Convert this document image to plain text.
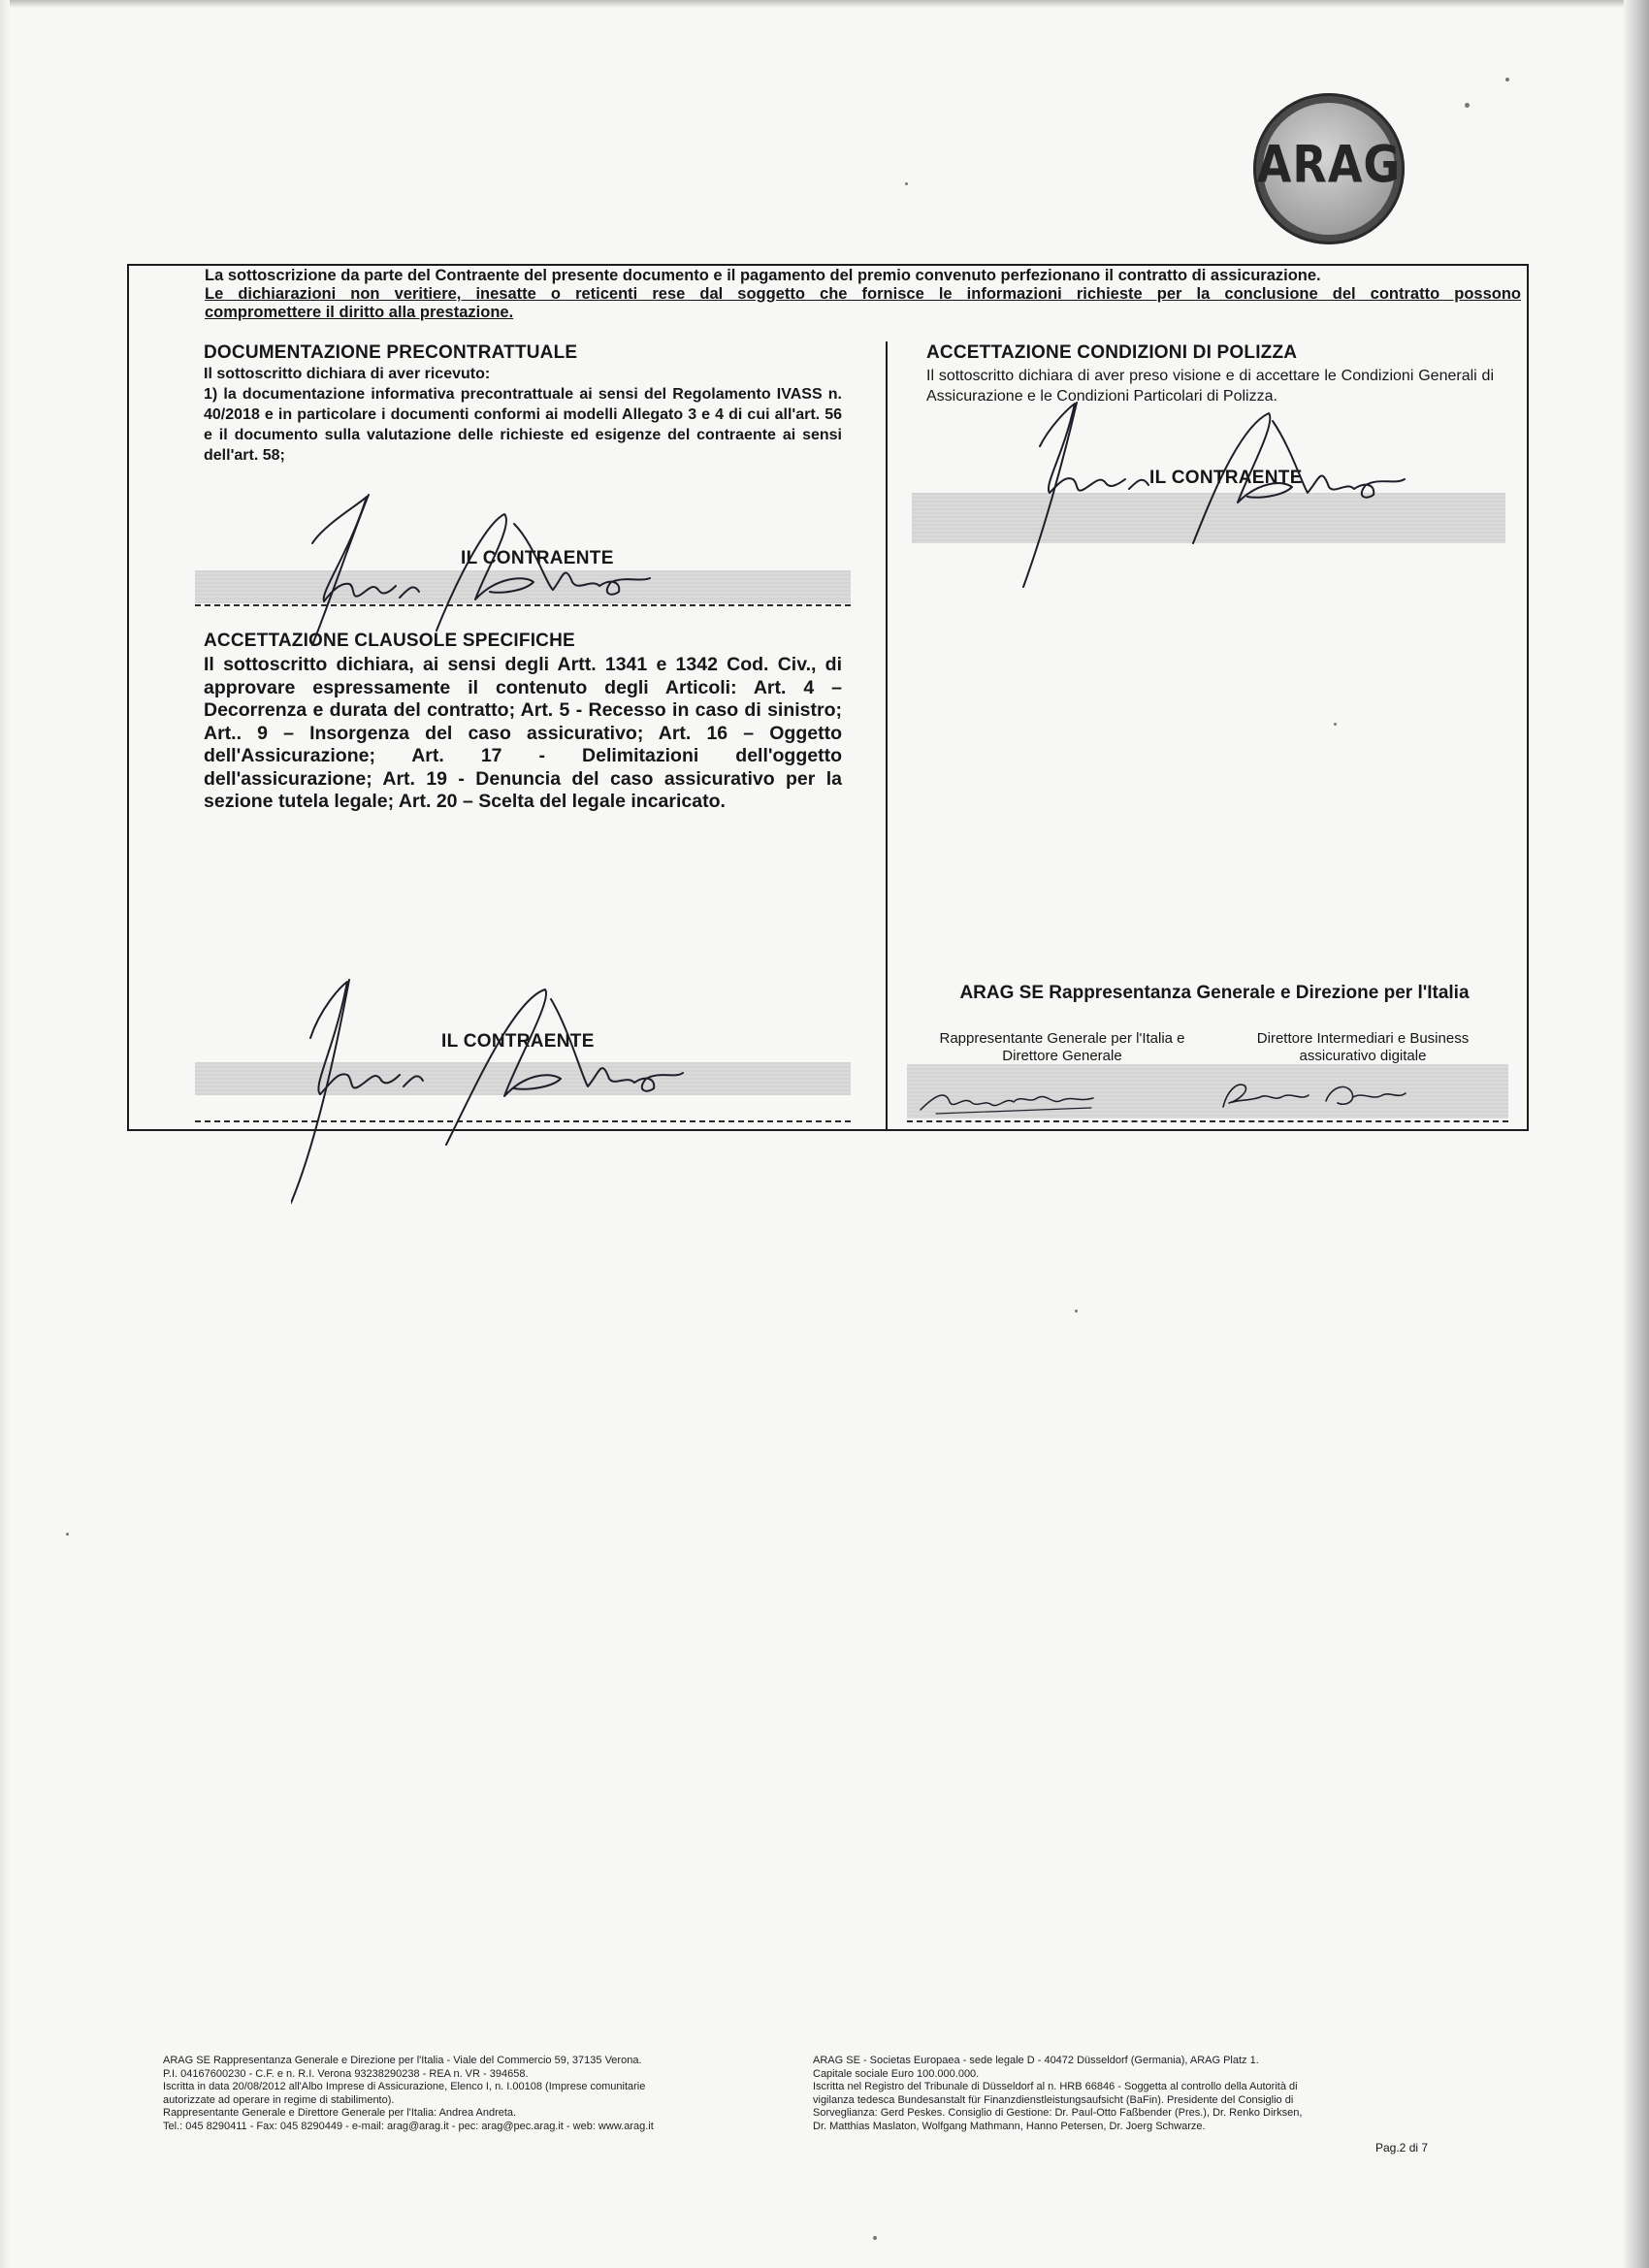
ARAG

La sottoscrizione da parte del Contraente del presente documento e il pagamento del premio convenuto perfezionano il contratto di assicurazione.

Le dichiarazioni non veritiere, inesatte o reticenti rese dal soggetto che fornisce le informazioni richieste per la conclusione del contratto possono

compromettere il diritto alla prestazione.

DOCUMENTAZIONE PRECONTRATTUALE

Il sottoscritto dichiara di aver ricevuto:

1) la documentazione informativa precontrattuale ai sensi del Regolamento IVASS n. 40/2018 e in particolare i documenti conformi ai modelli Allegato 3 e 4 di cui all'art. 56 e il documento sulla valutazione delle richieste ed esigenze del contraente ai sensi dell'art. 58;

IL CONTRAENTE
ACCETTAZIONE CLAUSOLE SPECIFICHE
Il sottoscritto dichiara, ai sensi degli Artt. 1341 e 1342 Cod. Civ., di approvare espressamente il contenuto degli Articoli: Art. 4 – Decorrenza e durata del contratto; Art. 5 - Recesso in caso di sinistro; Art.. 9 – Insorgenza del caso assicurativo; Art. 16 – Oggetto dell'Assicurazione; Art. 17 - Delimitazioni dell'oggetto dell'assicurazione; Art. 19 - Denuncia del caso assicurativo per la sezione tutela legale; Art. 20 – Scelta del legale incaricato.
IL CONTRAENTE
ACCETTAZIONE CONDIZIONI DI POLIZZA
Il sottoscritto dichiara di aver preso visione e di accettare le Condizioni Generali di Assicurazione e le Condizioni Particolari di Polizza.
IL CONTRAENTE
ARAG SE Rappresentanza Generale e Direzione per l'Italia
Rappresentante Generale per l'Italia e
Direttore Generale
Direttore Intermediari e Business
assicurativo digitale

ARAG SE Rappresentanza Generale e Direzione per l'Italia - Viale del Commercio 59, 37135 Verona.

P.I. 04167600230 - C.F. e n. R.I. Verona 93238290238 - REA n. VR - 394658.

Iscritta in data 20/08/2012 all'Albo Imprese di Assicurazione, Elenco I, n. I.00108 (Imprese comunitarie

autorizzate ad operare in regime di stabilimento).

Rappresentante Generale e Direttore Generale per l'Italia: Andrea Andreta.

Tel.: 045 8290411 - Fax: 045 8290449 - e-mail: arag@arag.it - pec: arag@pec.arag.it - web: www.arag.it

ARAG SE - Societas Europaea - sede legale D - 40472 Düsseldorf (Germania), ARAG Platz 1.

Capitale sociale Euro 100.000.000.

Iscritta nel Registro del Tribunale di Düsseldorf al n. HRB 66846 - Soggetta al controllo della Autorità di

vigilanza tedesca Bundesanstalt für Finanzdienstleistungsaufsicht (BaFin). Presidente del Consiglio di

Sorveglianza: Gerd Peskes. Consiglio di Gestione: Dr. Paul-Otto Faßbender (Pres.), Dr. Renko Dirksen,

Dr. Matthias Maslaton, Wolfgang Mathmann, Hanno Petersen, Dr. Joerg Schwarze.

Pag.2 di 7
